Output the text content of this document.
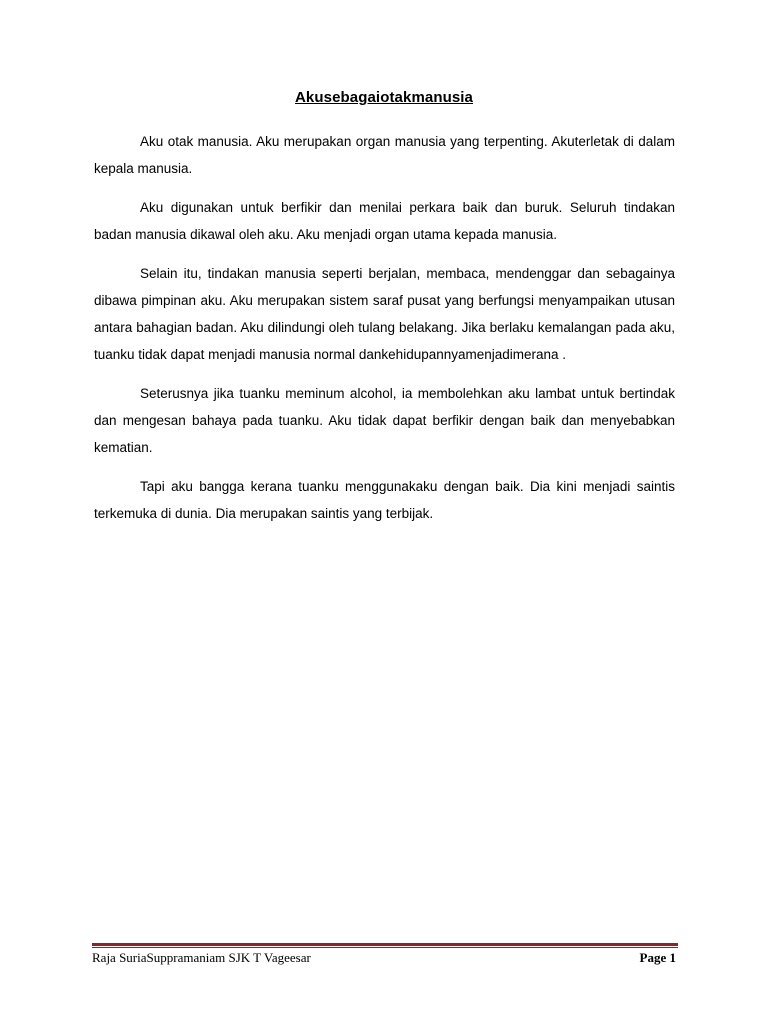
Akusebagaiotakmanusia

Aku otak manusia. Aku merupakan organ manusia yang terpenting. Akuterletak di dalam kepala manusia.

Aku digunakan untuk berfikir dan menilai perkara baik dan buruk. Seluruh tindakan badan manusia dikawal oleh aku. Aku menjadi organ utama kepada manusia.

Selain itu, tindakan manusia seperti berjalan, membaca, mendenggar dan sebagainya dibawa pimpinan aku. Aku merupakan sistem saraf pusat yang berfungsi menyampaikan utusan antara bahagian badan. Aku dilindungi oleh tulang belakang. Jika berlaku kemalangan pada aku, tuanku tidak dapat menjadi manusia normal dankehidupannyamenjadimerana .

Seterusnya jika tuanku meminum alcohol, ia membolehkan aku lambat untuk bertindak dan mengesan bahaya pada tuanku. Aku tidak dapat berfikir dengan baik dan menyebabkan kematian.

Tapi aku bangga kerana tuanku menggunakaku dengan baik. Dia kini menjadi saintis terkemuka di dunia. Dia merupakan saintis yang terbijak.

Raja SuriaSuppramaniam SJK T Vageesar	Page 1
